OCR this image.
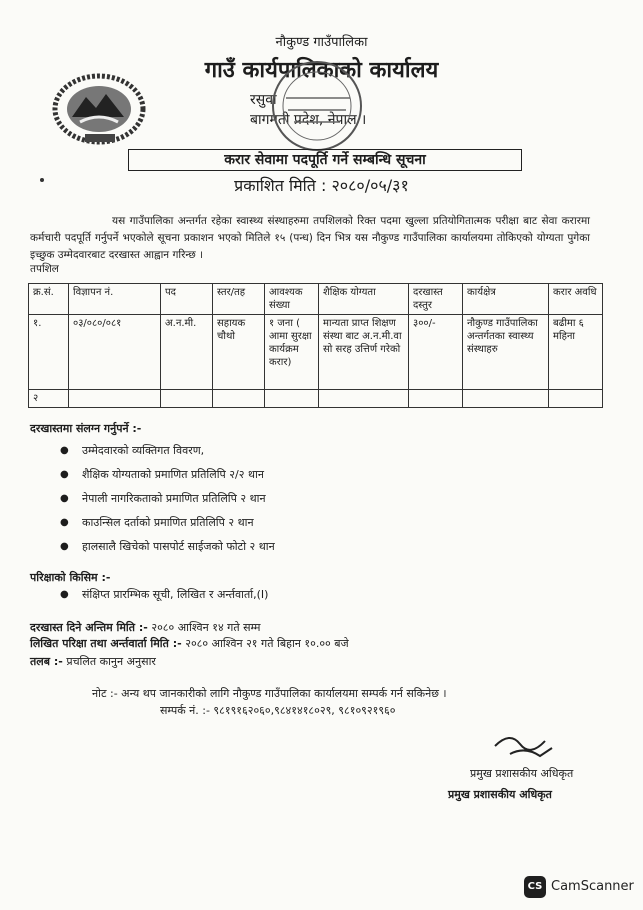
नौकुण्ड गाउँपालिका
गाउँ कार्यपालिकाको कार्यालय
रसुवा
बागमती प्रदेश, नेपाल ।
करार सेवामा पदपूर्ति गर्ने सम्बन्धि सूचना
प्रकाशित मिति : २०८०/०५/३१
यस गाउँपालिका अन्तर्गत रहेका स्वास्थ्य संस्थाहरुमा तपशिलको रिक्त पदमा खुल्ला प्रतियोगितात्मक परीक्षा बाट सेवा करारमा कर्मचारी पदपूर्ति गर्नुपर्ने भएकोले सूचना प्रकाशन भएको मितिले १५ (पन्ध) दिन भित्र यस नौकुण्ड गाउँपालिका कार्यालयमा तोकिएको योग्यता पुगेका इच्छुक उम्मेदवारबाट दरखास्त आह्वान गरिन्छ ।
तपशिल
क्र.सं.	विज्ञापन नं.	पद	स्तर/तह	आवश्यक संख्या	शैक्षिक योग्यता	दरखास्त दस्तुर	कार्यक्षेत्र	करार अवधि
१.	०३/०८०/०८१	अ.न.मी.	सहायक चौथो	१ जना ( आमा सुरक्षा कार्यक्रम करार)	मान्यता प्राप्त शिक्षण संस्था बाट अ.न.मी.वा सो सरह उत्तिर्ण गरेको	३००/-	नौकुण्ड गाउँपालिका अन्तर्गतका स्वास्थ्य संस्थाहरु	बढीमा ६ महिना
२								
दरखास्तमा संलग्न गर्नुपर्ने :-
● उम्मेदवारको व्यक्तिगत विवरण,
● शैक्षिक योग्यताको प्रमाणित प्रतिलिपि २/२ थान
● नेपाली नागरिकताको प्रमाणित प्रतिलिपि २ थान
● काउन्सिल दर्ताको प्रमाणित प्रतिलिपि २ थान
● हालसालै खिचेको पासपोर्ट साईजको फोटो २ थान
परिक्षाको किसिम :-
● संक्षिप्त प्रारम्भिक सूची, लिखित र अर्न्तवार्ता,(I)
दरखास्त दिने अन्तिम मिति :- २०८० आश्विन १४ गते सम्म
लिखित परिक्षा तथा अर्न्तवार्ता मिति :- २०८० आश्विन २१ गते बिहान १०.०० बजे
तलब :- प्रचलित कानुन अनुसार
नोट :- अन्य थप जानकारीको लागि नौकुण्ड गाउँपालिका कार्यालयमा सम्पर्क गर्न सकिनेछ ।
सम्पर्क नं. :- ९८१९१६२०६०,९८४१४१८०२९, ९८१०९२१९६०
प्रमुख प्रशासकीय अधिकृत
प्रमुख प्रशासकीय अधिकृत
CS CamScanner
